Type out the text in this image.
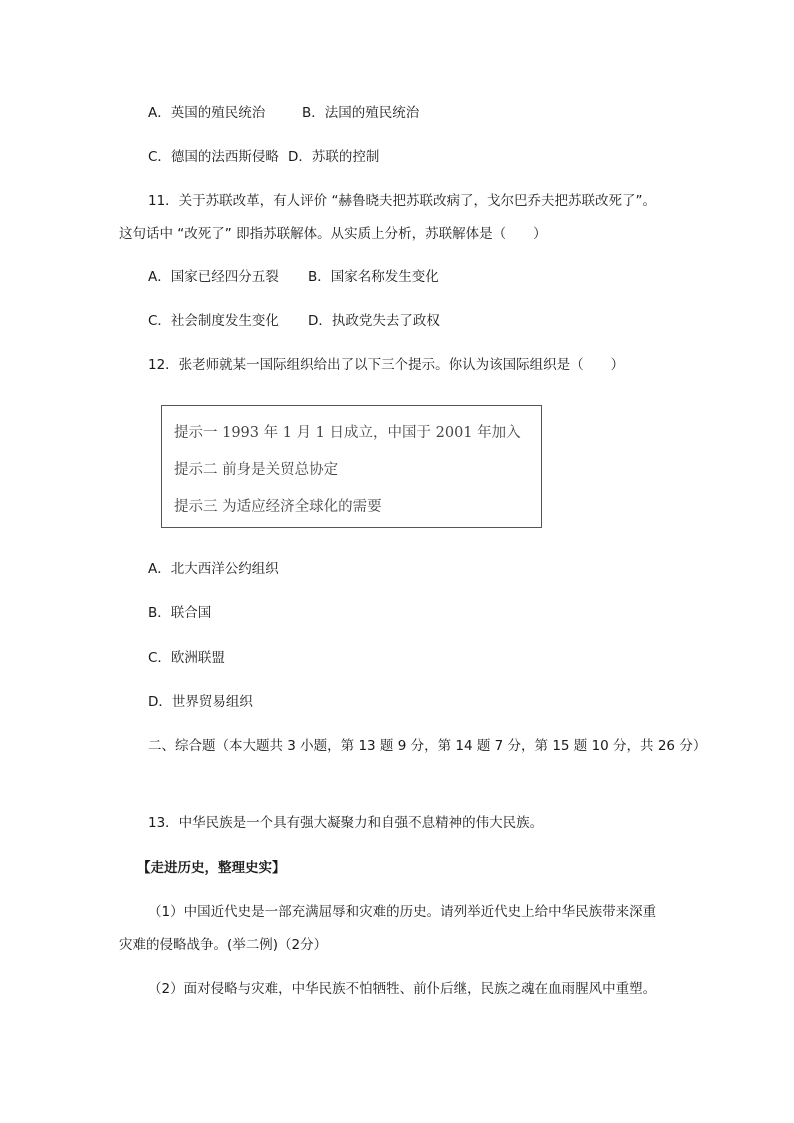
A．英国的殖民统治	B．法国的殖民统治
C．德国的法西斯侵略 D．苏联的控制
11．关于苏联改革，有人评价 “赫鲁晓夫把苏联改病了，戈尔巴乔夫把苏联改死了”。
这句话中 “改死了” 即指苏联解体。从实质上分析，苏联解体是（　　）
A．国家已经四分五裂 B．国家名称发生变化
C．社会制度发生变化 D．执政党失去了政权
12．张老师就某一国际组织给出了以下三个提示。你认为该国际组织是（　　）
提示一 1993 年 1 月 1 日成立，中国于 2001 年加入
提示二 前身是关贸总协定
提示三 为适应经济全球化的需要
A．北大西洋公约组织
B．联合国
C．欧洲联盟
D．世界贸易组织
二、综合题（本大题共 3 小题，第 13 题 9 分，第 14 题 7 分，第 15 题 10 分，共 26 分）
13．中华民族是一个具有强大凝聚力和自强不息精神的伟大民族。
【走进历史，整理史实】
（1）中国近代史是一部充满屈辱和灾难的历史。请列举近代史上给中华民族带来深重
灾难的侵略战争。(举二例)（2分）
（2）面对侵略与灾难，中华民族不怕牺牲、前仆后继，民族之魂在血雨腥风中重塑。
